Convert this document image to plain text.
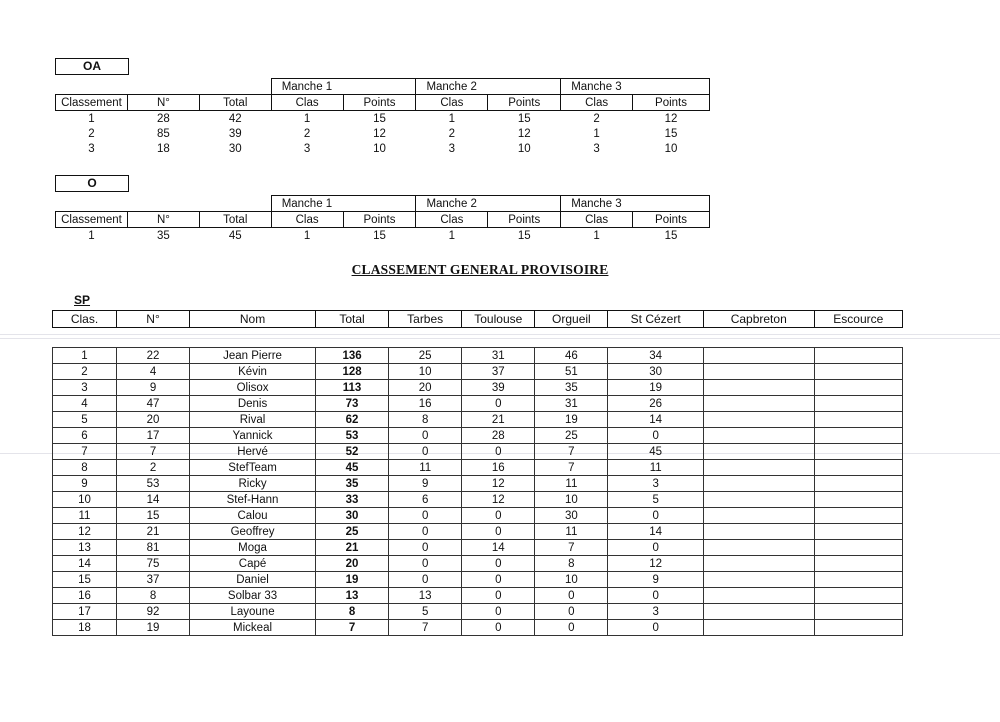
OA
			Manche 1		Manche 2		Manche 3	
Classement	N°	Total	Clas	Points	Clas	Points	Clas	Points
1	28	42	1	15	1	15	2	12
2	85	39	2	12	2	12	1	15
3	18	30	3	10	3	10	3	10
O
			Manche 1		Manche 2		Manche 3	
Classement	N°	Total	Clas	Points	Clas	Points	Clas	Points
1	35	45	1	15	1	15	1	15
CLASSEMENT GENERAL PROVISOIRE
SP
Clas.	N°	Nom	Total	Tarbes	Toulouse	Orgueil	St Cézert	Capbreton	Escource
1	22	Jean Pierre	136	25	31	46	34		
2	4	Kévin	128	10	37	51	30		
3	9	Olisox	113	20	39	35	19		
4	47	Denis	73	16	0	31	26		
5	20	Rival	62	8	21	19	14		
6	17	Yannick	53	0	28	25	0		
7	7	Hervé	52	0	0	7	45		
8	2	StefTeam	45	11	16	7	11		
9	53	Ricky	35	9	12	11	3		
10	14	Stef-Hann	33	6	12	10	5		
11	15	Calou	30	0	0	30	0		
12	21	Geoffrey	25	0	0	11	14		
13	81	Moga	21	0	14	7	0		
14	75	Capé	20	0	0	8	12		
15	37	Daniel	19	0	0	10	9		
16	8	Solbar 33	13	13	0	0	0		
17	92	Layoune	8	5	0	0	3		
18	19	Mickeal	7	7	0	0	0		
